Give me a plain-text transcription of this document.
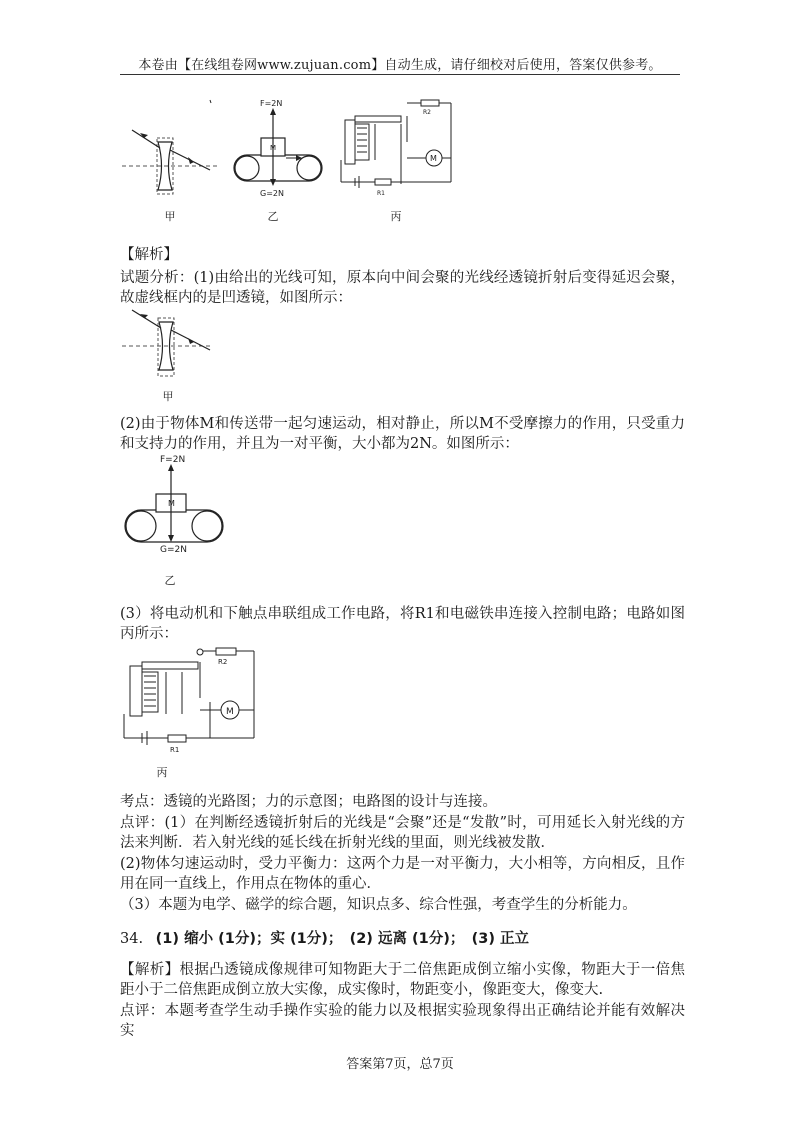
本卷由【在线组卷网www.zujuan.com】自动生成，请仔细校对后使用，答案仅供参考。
甲
F=2N
G=2N
M
乙
M
R1
R2
丙
【解析】
试题分析：(1)由给出的光线可知，原本向中间会聚的光线经透镜折射后变得延迟会聚，故虚线框内的是凹透镜，如图所示：
甲
(2)由于物体M和传送带一起匀速运动，相对静止，所以M不受摩擦力的作用，只受重力和支持力的作用，并且为一对平衡，大小都为2N。如图所示：
F=2N
G=2N
M
乙
(3）将电动机和下触点串联组成工作电路，将R1和电磁铁串连接入控制电路；电路如图丙所示：
M
R1
R2
丙
考点：透镜的光路图；力的示意图；电路图的设计与连接。
点评：(1）在判断经透镜折射后的光线是“会聚”还是“发散”时，可用延长入射光线的方法来判断．若入射光线的延长线在折射光线的里面，则光线被发散．
(2)物体匀速运动时，受力平衡力：这两个力是一对平衡力，大小相等，方向相反，且作用在同一直线上，作用点在物体的重心．
（3）本题为电学、磁学的综合题，知识点多、综合性强，考查学生的分析能力。
34. (1) 缩小 (1分)；实 (1分)；　(2) 远离 (1分)；　(3) 正立
【解析】根据凸透镜成像规律可知物距大于二倍焦距成倒立缩小实像，物距大于一倍焦距小于二倍焦距成倒立放大实像，成实像时，物距变小，像距变大，像变大.
点评：本题考查学生动手操作实验的能力以及根据实验现象得出正确结论并能有效解决实
答案第7页，总7页
